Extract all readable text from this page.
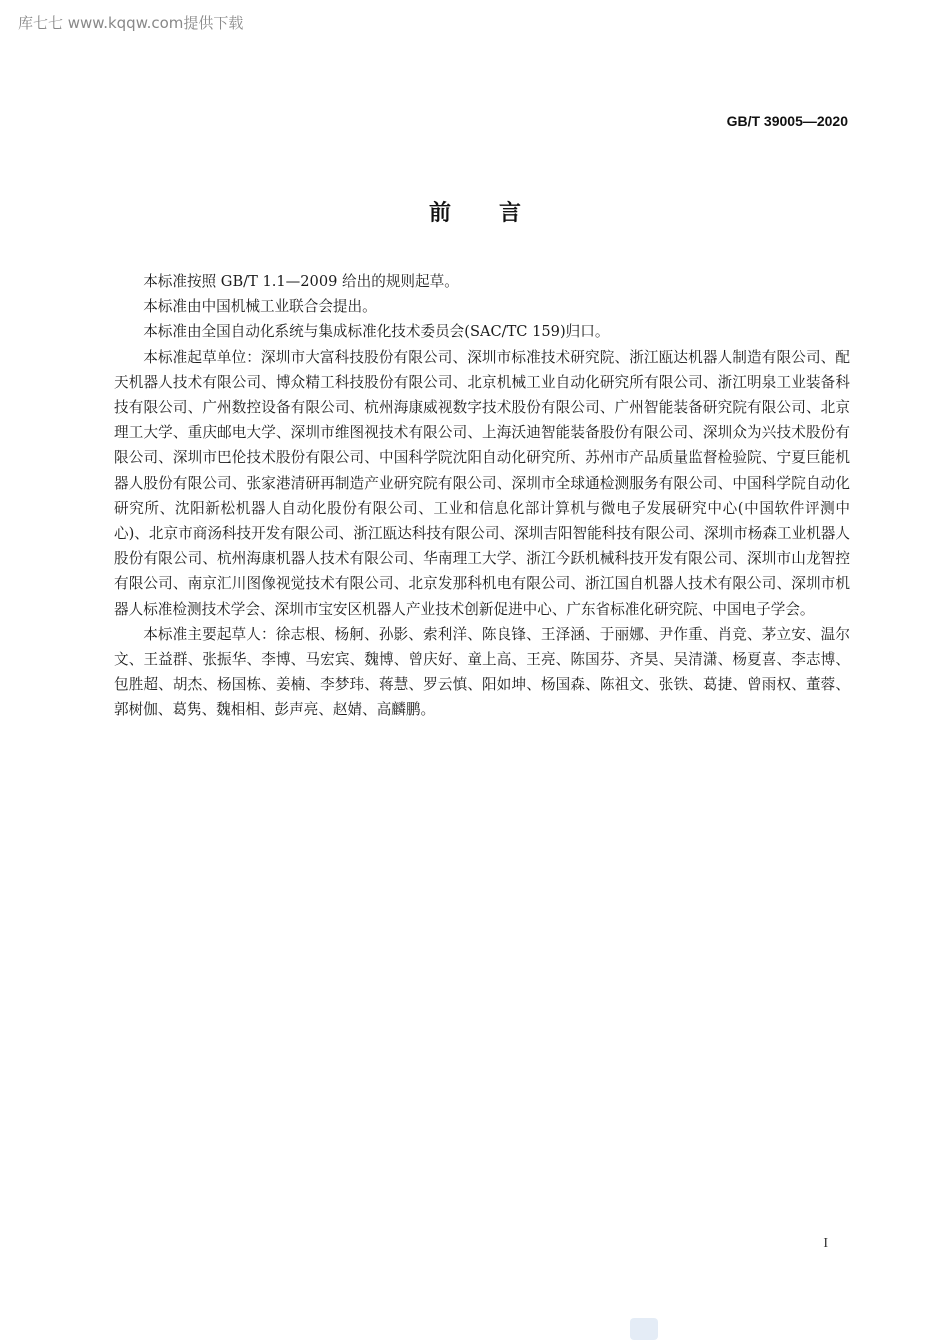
库七七 www.kqqw.com提供下载
GB/T 39005—2020
前言

本标准按照 GB/T 1.1—2009 给出的规则起草。

本标准由中国机械工业联合会提出。

本标准由全国自动化系统与集成标准化技术委员会(SAC/TC 159)归口。

本标准起草单位：深圳市大富科技股份有限公司、深圳市标准技术研究院、浙江瓯达机器人制造有限公司、配天机器人技术有限公司、博众精工科技股份有限公司、北京机械工业自动化研究所有限公司、浙江明泉工业装备科技有限公司、广州数控设备有限公司、杭州海康威视数字技术股份有限公司、广州智能装备研究院有限公司、北京理工大学、重庆邮电大学、深圳市维图视技术有限公司、上海沃迪智能装备股份有限公司、深圳众为兴技术股份有限公司、深圳市巴伦技术股份有限公司、中国科学院沈阳自动化研究所、苏州市产品质量监督检验院、宁夏巨能机器人股份有限公司、张家港清研再制造产业研究院有限公司、深圳市全球通检测服务有限公司、中国科学院自动化研究所、沈阳新松机器人自动化股份有限公司、工业和信息化部计算机与微电子发展研究中心(中国软件评测中心)、北京市商汤科技开发有限公司、浙江瓯达科技有限公司、深圳吉阳智能科技有限公司、深圳市杨森工业机器人股份有限公司、杭州海康机器人技术有限公司、华南理工大学、浙江今跃机械科技开发有限公司、深圳市山龙智控有限公司、南京汇川图像视觉技术有限公司、北京发那科机电有限公司、浙江国自机器人技术有限公司、深圳市机器人标准检测技术学会、深圳市宝安区机器人产业技术创新促进中心、广东省标准化研究院、中国电子学会。

本标准主要起草人：徐志根、杨舸、孙影、索利洋、陈良锋、王泽涵、于丽娜、尹作重、肖竞、茅立安、温尔文、王益群、张振华、李博、马宏宾、魏博、曾庆好、童上高、王亮、陈国芬、齐昊、吴清潇、杨夏喜、李志博、包胜超、胡杰、杨国栋、姜楠、李梦玮、蒋慧、罗云慎、阳如坤、杨国森、陈祖文、张铁、葛捷、曾雨权、董蓉、郭树伽、葛隽、魏相相、彭声亮、赵婧、高麟鹏。

I
